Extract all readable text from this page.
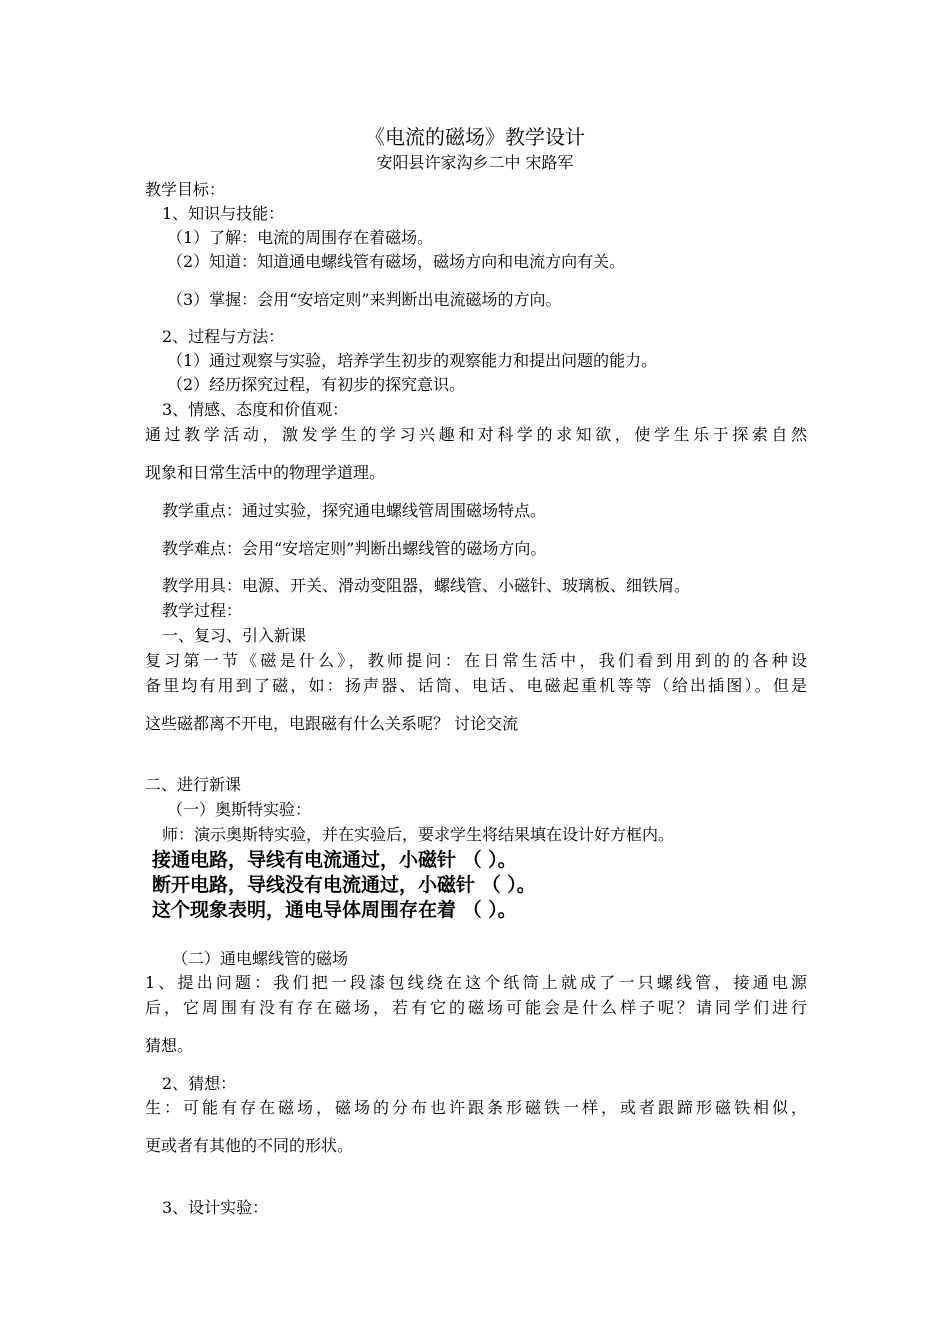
《电流的磁场》教学设计
安阳县许家沟乡二中 宋路军
教学目标：
1、知识与技能：
（1）了解：电流的周围存在着磁场。
（2）知道：知道通电螺线管有磁场，磁场方向和电流方向有关。
（3）掌握：会用“安培定则”来判断出电流磁场的方向。
2、过程与方法：
（1）通过观察与实验，培养学生初步的观察能力和提出问题的能力。
（2）经历探究过程，有初步的探究意识。
3、情感、态度和价值观：
通过教学活动，激发学生的学习兴趣和对科学的求知欲，使学生乐于探索自然
现象和日常生活中的物理学道理。
教学重点：通过实验，探究通电螺线管周围磁场特点。
教学难点：会用“安培定则”判断出螺线管的磁场方向。
教学用具：电源、开关、滑动变阻器，螺线管、小磁针、玻璃板、细铁屑。
教学过程：
一、复习、引入新课
复习第一节《磁是什么》，教师提问：在日常生活中，我们看到用到的的各种设
备里均有用到了磁，如：扬声器、话筒、电话、电磁起重机等等（给出插图）。但是
这些磁都离不开电，电跟磁有什么关系呢？ 讨论交流
二、进行新课
（一）奥斯特实验：
师：演示奥斯特实验，并在实验后，要求学生将结果填在设计好方框内。
接通电路，导线有电流通过，小磁针 （ ）。
断开电路，导线没有电流通过，小磁针 （ ）。
这个现象表明，通电导体周围存在着 （ ）。
（二）通电螺线管的磁场
1、提出问题：我们把一段漆包线绕在这个纸筒上就成了一只螺线管，接通电源
后，它周围有没有存在磁场，若有它的磁场可能会是什么样子呢？请同学们进行
猜想。
2、猜想：
生：可能有存在磁场，磁场的分布也许跟条形磁铁一样，或者跟蹄形磁铁相似，
更或者有其他的不同的形状。
3、设计实验：
